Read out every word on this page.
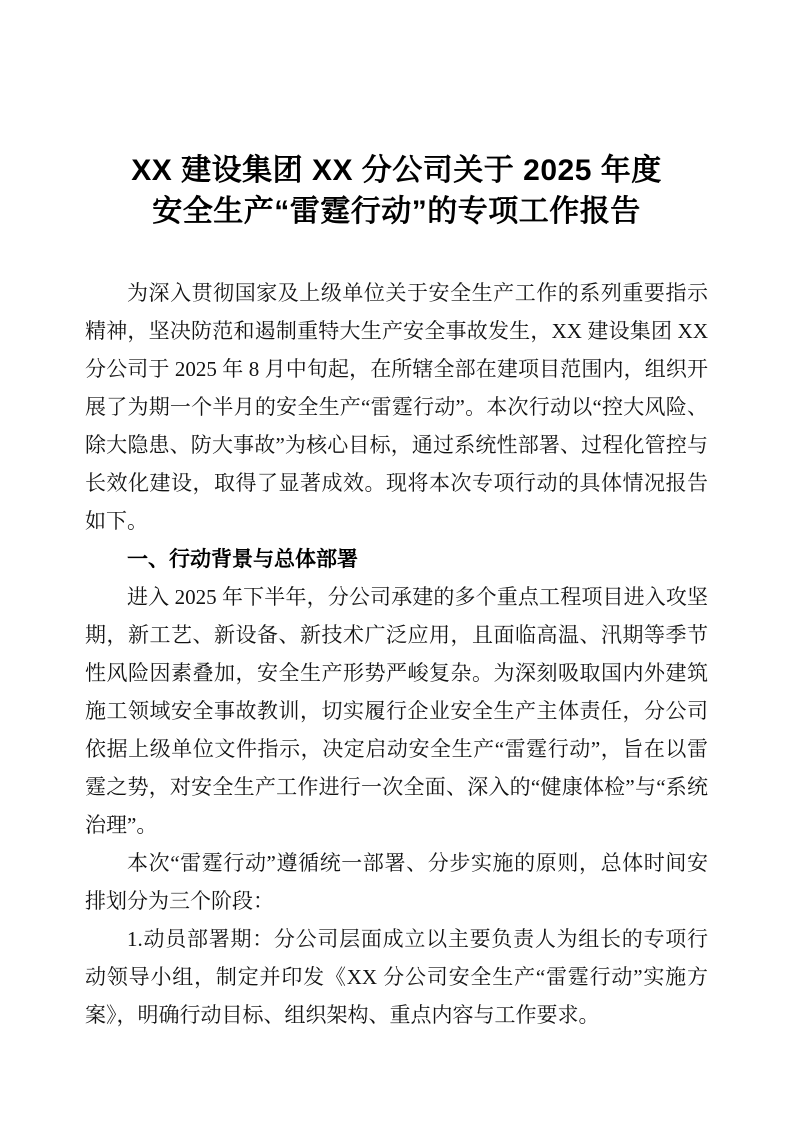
XX 建设集团 XX 分公司关于 2025 年度
安全生产“雷霆行动”的专项工作报告

为深入贯彻国家及上级单位关于安全生产工作的系列重要指示精神，坚决防范和遏制重特大生产安全事故发生，XX 建设集团 XX 分公司于 2025 年 8 月中旬起，在所辖全部在建项目范围内，组织开展了为期一个半月的安全生产“雷霆行动”。本次行动以“控大风险、除大隐患、防大事故”为核心目标，通过系统性部署、过程化管控与长效化建设，取得了显著成效。现将本次专项行动的具体情况报告如下。

一、行动背景与总体部署

进入 2025 年下半年，分公司承建的多个重点工程项目进入攻坚期，新工艺、新设备、新技术广泛应用，且面临高温、汛期等季节性风险因素叠加，安全生产形势严峻复杂。为深刻吸取国内外建筑施工领域安全事故教训，切实履行企业安全生产主体责任，分公司依据上级单位文件指示，决定启动安全生产“雷霆行动”，旨在以雷霆之势，对安全生产工作进行一次全面、深入的“健康体检”与“系统治理”。

本次“雷霆行动”遵循统一部署、分步实施的原则，总体时间安排划分为三个阶段：

1.动员部署期：分公司层面成立以主要负责人为组长的专项行动领导小组，制定并印发《XX 分公司安全生产“雷霆行动”实施方案》，明确行动目标、组织架构、重点内容与工作要求。
